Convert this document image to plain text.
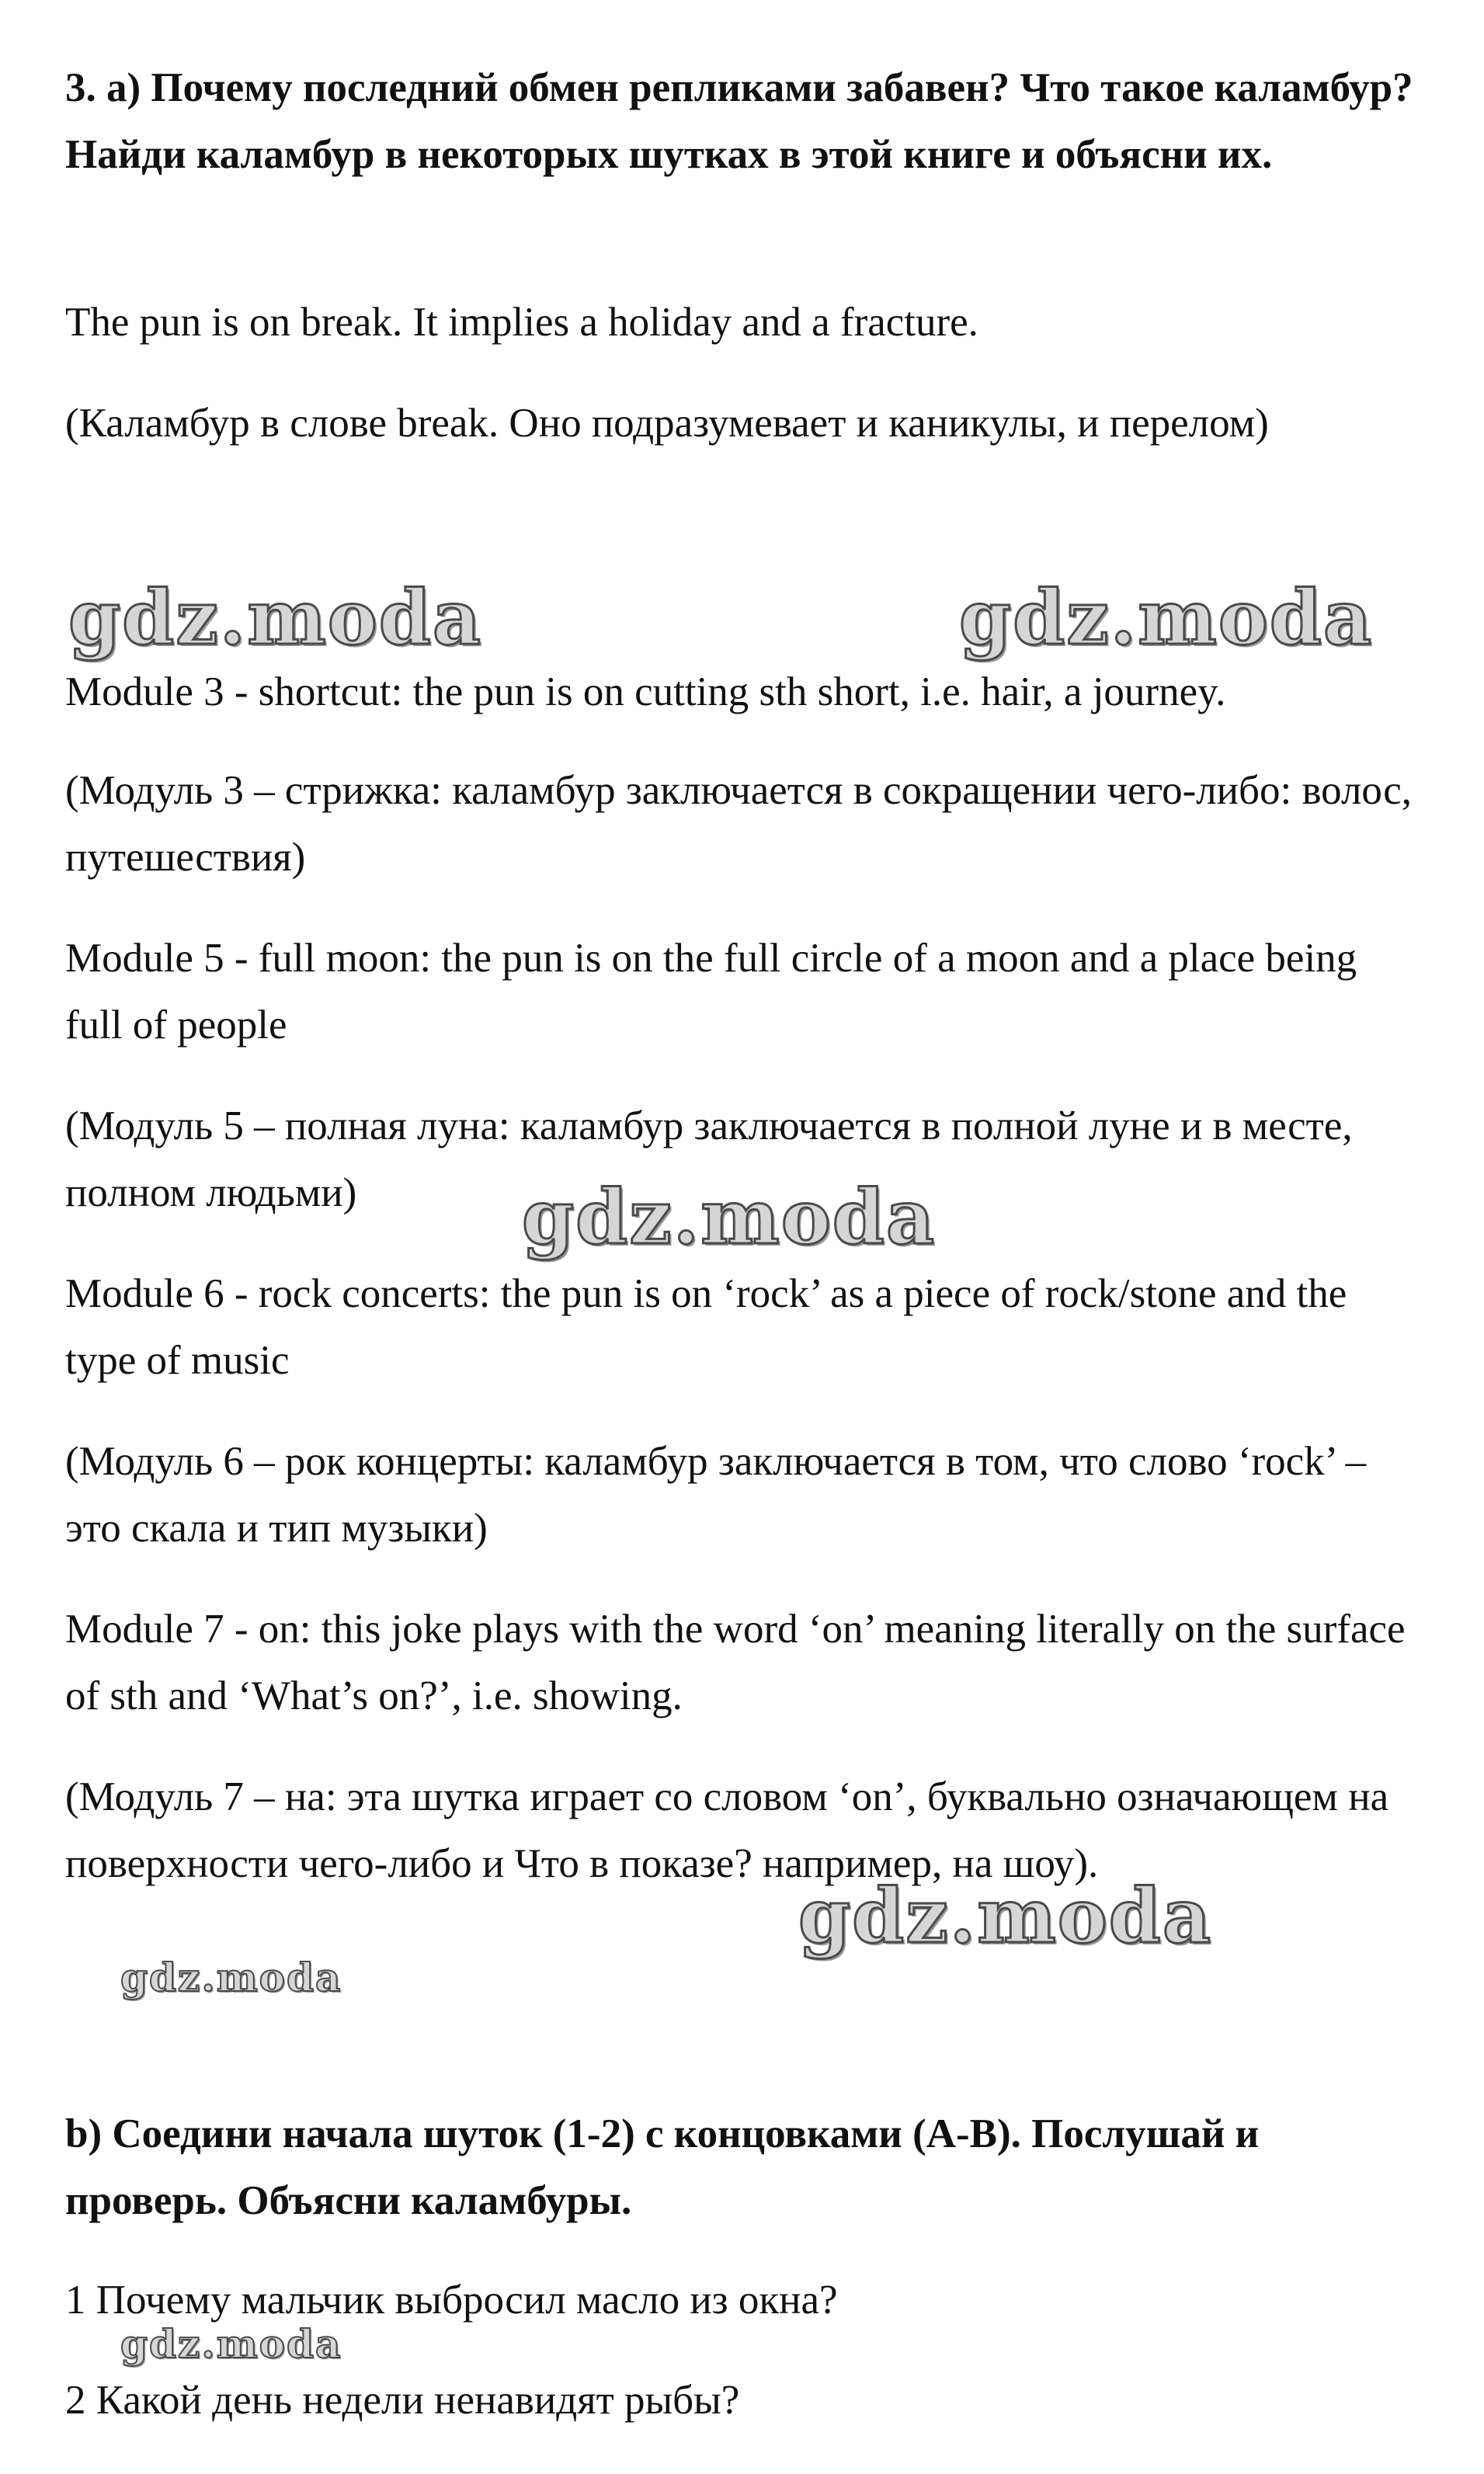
3. a) Почему последний обмен репликами забавен? Что такое каламбур? Найди каламбур в некоторых шутках в этой книге и объясни их.

The pun is on break. It implies a holiday and a fracture.

(Каламбур в слове break. Оно подразумевает и каникулы, и перелом)

Module 3 - shortcut: the pun is on cutting sth short, i.e. hair, a journey.

(Модуль 3 – стрижка: каламбур заключается в сокращении чего-либо: волос, путешествия)

Module 5 - full moon: the pun is on the full circle of a moon and a place being full of people

(Модуль 5 – полная луна: каламбур заключается в полной луне и в месте, полном людьми)

Module 6 - rock concerts: the pun is on ‘rock’ as a piece of rock/stone and the type of music

(Модуль 6 – рок концерты: каламбур заключается в том, что слово ‘rock’ – это скала и тип музыки)

Module 7 - on: this joke plays with the word ‘on’ meaning literally on the surface of sth and ‘What’s on?’, i.e. showing.

(Модуль 7 – на: эта шутка играет со словом ‘on’, буквально означающем на поверхности чего-либо и Что в показе? например, на шоу).

b) Соедини начала шуток (1-2) с концовками (A-B). Послушай и проверь. Объясни каламбуры.

1 Почему мальчик выбросил масло из окна?

2 Какой день недели ненавидят рыбы?

gdz.moda	gdz.moda
gdz.moda
gdz.moda
gdz.moda
gdz.moda
